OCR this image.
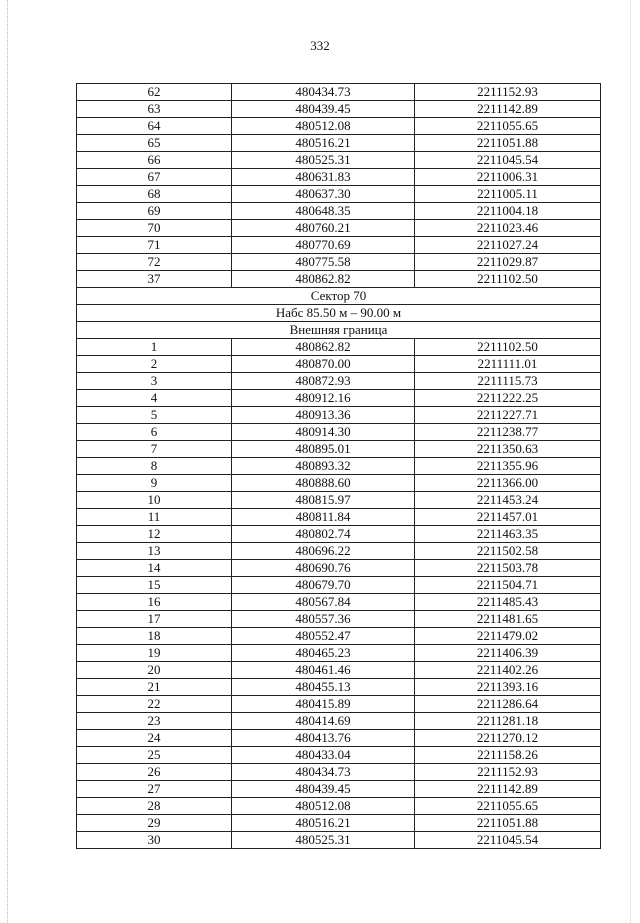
332
62	480434.73	2211152.93
63	480439.45	2211142.89
64	480512.08	2211055.65
65	480516.21	2211051.88
66	480525.31	2211045.54
67	480631.83	2211006.31
68	480637.30	2211005.11
69	480648.35	2211004.18
70	480760.21	2211023.46
71	480770.69	2211027.24
72	480775.58	2211029.87
37	480862.82	2211102.50
Сектор 70		
Набс 85.50 м – 90.00 м		
Внешняя граница		
1	480862.82	2211102.50
2	480870.00	2211111.01
3	480872.93	2211115.73
4	480912.16	2211222.25
5	480913.36	2211227.71
6	480914.30	2211238.77
7	480895.01	2211350.63
8	480893.32	2211355.96
9	480888.60	2211366.00
10	480815.97	2211453.24
11	480811.84	2211457.01
12	480802.74	2211463.35
13	480696.22	2211502.58
14	480690.76	2211503.78
15	480679.70	2211504.71
16	480567.84	2211485.43
17	480557.36	2211481.65
18	480552.47	2211479.02
19	480465.23	2211406.39
20	480461.46	2211402.26
21	480455.13	2211393.16
22	480415.89	2211286.64
23	480414.69	2211281.18
24	480413.76	2211270.12
25	480433.04	2211158.26
26	480434.73	2211152.93
27	480439.45	2211142.89
28	480512.08	2211055.65
29	480516.21	2211051.88
30	480525.31	2211045.54
